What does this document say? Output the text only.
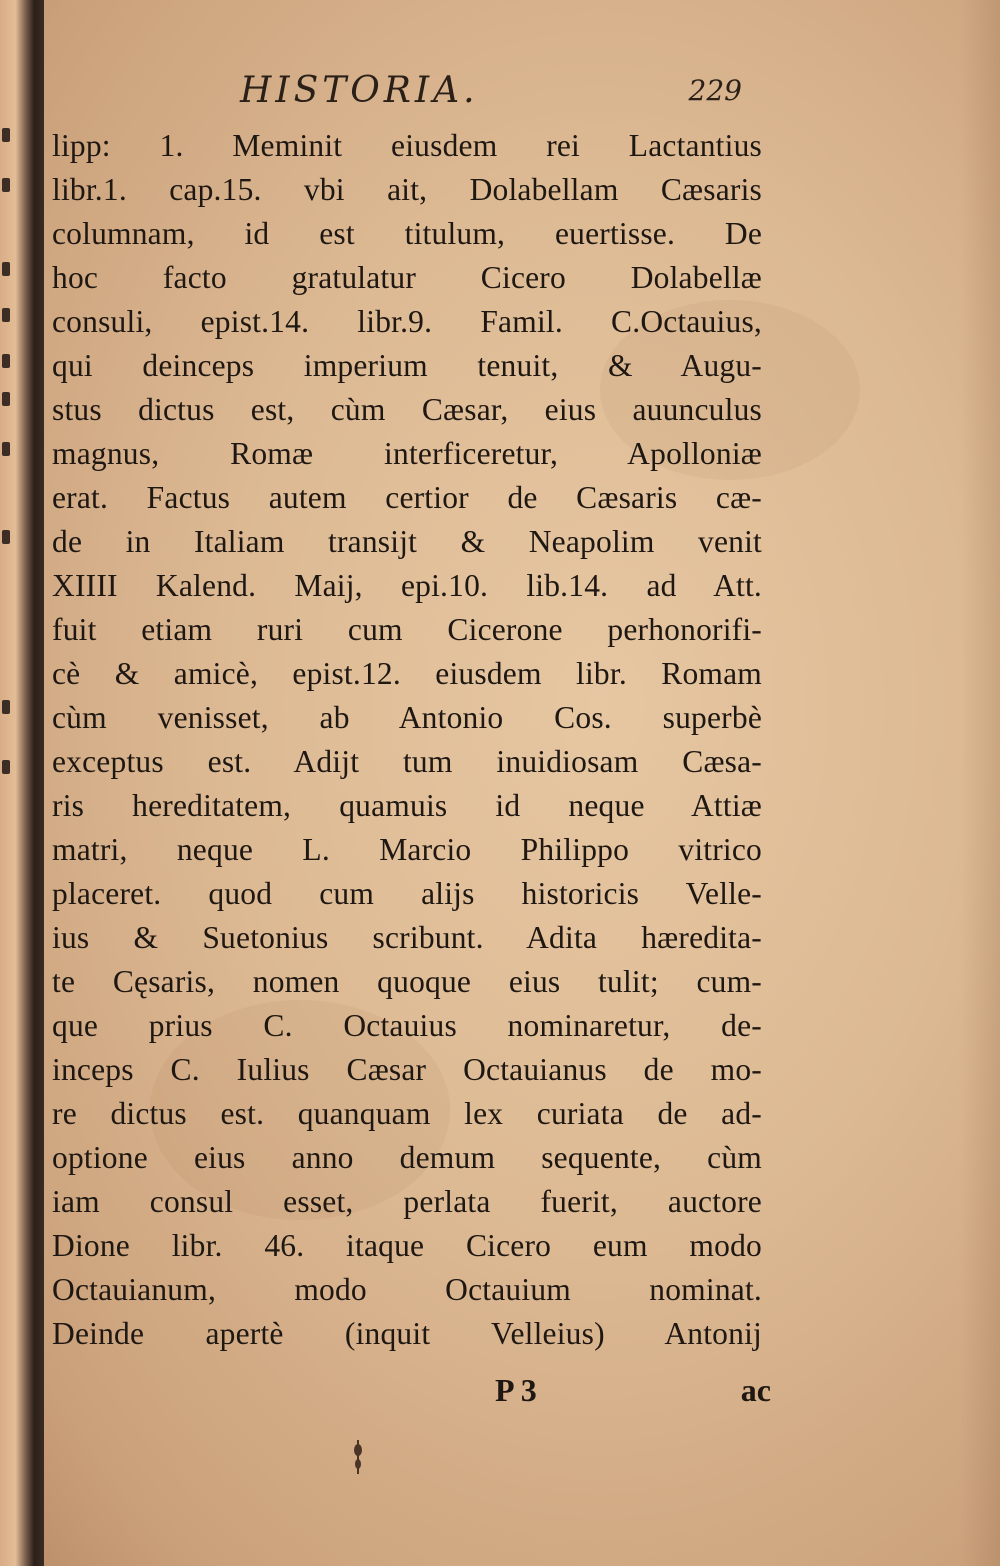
HISTORIA.	229
lipp: 1. Meminit eiusdem rei Lactantius
libr.1. cap.15. vbi ait, Dolabellam Cæsaris
columnam, id est titulum, euertisse. De
hoc facto gratulatur Cicero Dolabellæ
consuli, epist.14. libr.9. Famil. C.Octauius,
qui deinceps imperium tenuit, & Augu-
stus dictus est, cùm Cæsar, eius auunculus
magnus, Romæ interficeretur, Apolloniæ
erat. Factus autem certior de Cæsaris cæ-
de in Italiam transijt & Neapolim venit
XIIII Kalend. Maij, epi.10. lib.14. ad Att.
fuit etiam ruri cum Cicerone perhonorifi-
cè & amicè, epist.12. eiusdem libr. Romam
cùm venisset, ab Antonio Cos. superbè
exceptus est. Adijt tum inuidiosam Cæsa-
ris hereditatem, quamuis id neque Attiæ
matri, neque L. Marcio Philippo vitrico
placeret. quod cum alijs historicis Velle-
ius & Suetonius scribunt. Adita hæredita-
te Cęsaris, nomen quoque eius tulit; cum-
que prius C. Octauius nominaretur, de-
inceps C. Iulius Cæsar Octauianus de mo-
re dictus est. quanquam lex curiata de ad-
optione eius anno demum sequente, cùm
iam consul esset, perlata fuerit, auctore
Dione libr. 46. itaque Cicero eum modo
Octauianum, modo Octauium nominat.
Deinde apertè (inquit Velleius) Antonij
P 3	ac
